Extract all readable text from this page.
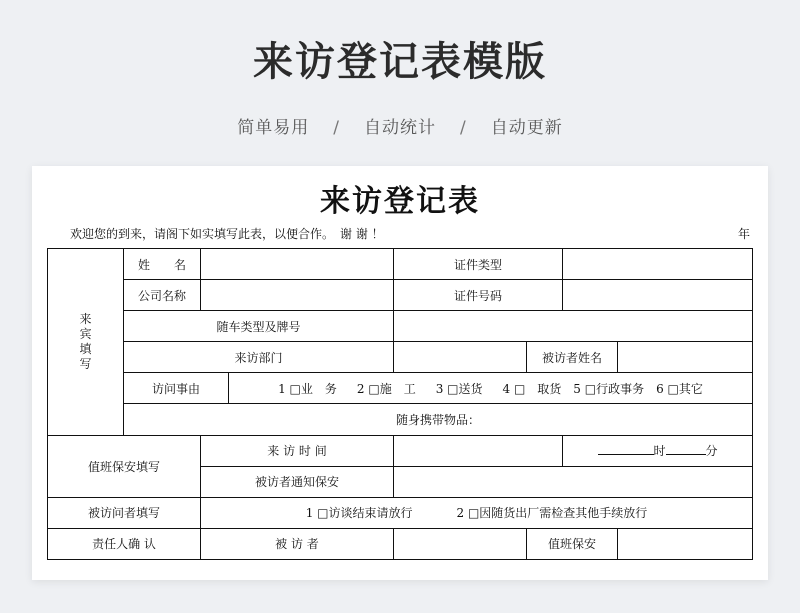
来访登记表模版
简单易用 / 自动统计 / 自动更新
来访登记表
欢迎您的到来，请阁下如实填写此表，以便合作。　谢 谢 ！	年
来
宾
填
写	姓　　名			证件类型			
	公司名称			证件号码			
	随车类型及牌号						
	来访部门				被访者姓名		
	访问事由		1 □业　务 2 □施　工 3 □送货 4 □　取货 5 □行政事务 6 □其它				
	随身携带物品：						
值班保安填写		来 访 时 间				时 分	
		被访者通知保安					
被访问者填写		1 □访谈结束请放行 2 □因随货出厂需检查其他手续放行					
责任人确 认		被 访 者			值班保安		
